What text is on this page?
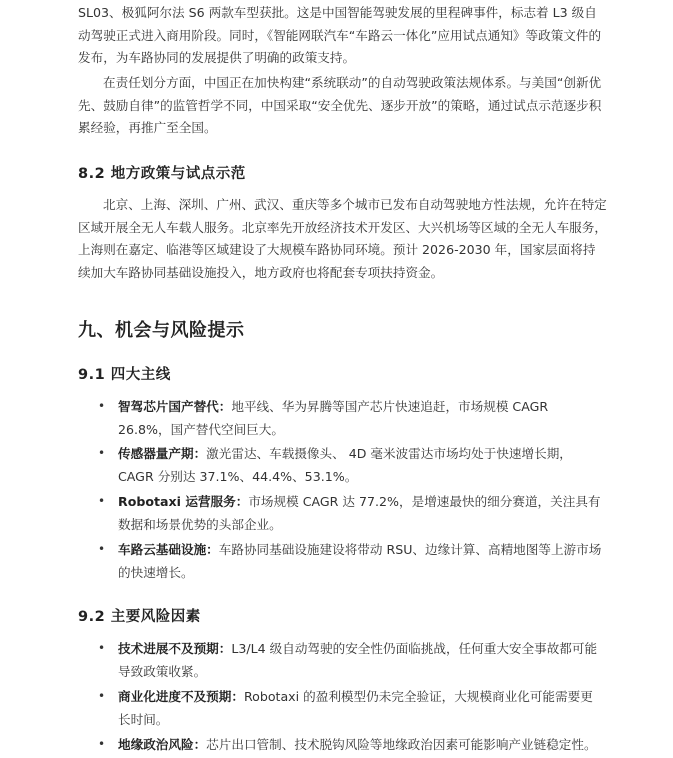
SL03、极狐阿尔法 S6 两款车型获批。这是中国智能驾驶发展的里程碑事件，标志着 L3 级自动驾驶正式进入商用阶段。同时，《智能网联汽车“车路云一体化”应用试点通知》等政策文件的发布，为车路协同的发展提供了明确的政策支持。

在责任划分方面，中国正在加快构建“系统联动”的自动驾驶政策法规体系。与美国“创新优先、鼓励自律”的监管哲学不同，中国采取“安全优先、逐步开放”的策略，通过试点示范逐步积累经验，再推广至全国。

8.2 地方政策与试点示范

北京、上海、深圳、广州、武汉、重庆等多个城市已发布自动驾驶地方性法规，允许在特定区域开展全无人车载人服务。北京率先开放经济技术开发区、大兴机场等区域的全无人车服务，上海则在嘉定、临港等区域建设了大规模车路协同环境。预计 2026-2030 年，国家层面将持续加大车路协同基础设施投入，地方政府也将配套专项扶持资金。

九、机会与风险提示
9.1 四大主线
• 智驾芯片国产替代：地平线、华为昇腾等国产芯片快速追赶，市场规模 CAGR 26.8%，国产替代空间巨大。

• 传感器量产期：激光雷达、车载摄像头、 4D 毫米波雷达市场均处于快速增长期，CAGR 分别达 37.1%、44.4%、53.1%。

• Robotaxi 运营服务：市场规模 CAGR 达 77.2%，是增速最快的细分赛道，关注具有数据和场景优势的头部企业。

• 车路云基础设施：车路协同基础设施建设将带动 RSU、边缘计算、高精地图等上游市场的快速增长。

9.2 主要风险因素
• 技术进展不及预期：L3/L4 级自动驾驶的安全性仍面临挑战，任何重大安全事故都可能导致政策收紧。

• 商业化进度不及预期：Robotaxi 的盈利模型仍未完全验证，大规模商业化可能需要更长时间。

• 地缘政治风险：芯片出口管制、技术脱钩风险等地缘政治因素可能影响产业链稳定性。
